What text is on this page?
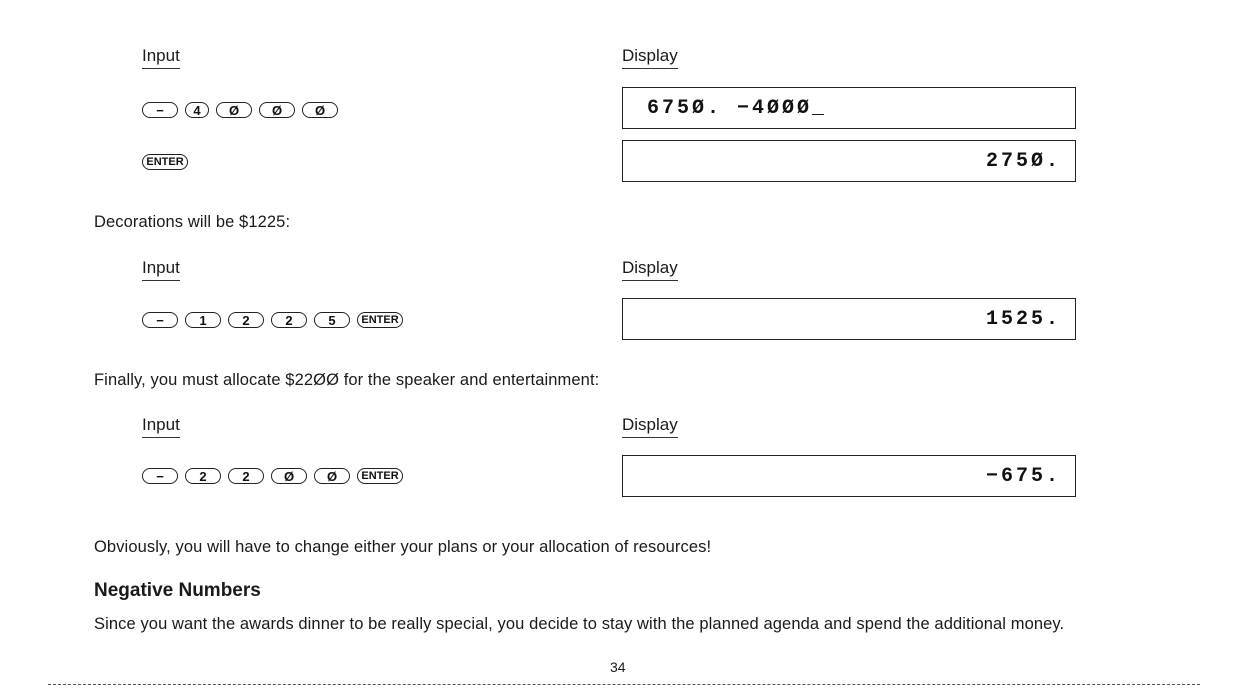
Input	Display
−	4	Ø	Ø	Ø	675Ø. −4ØØØ_
ENTER	275Ø.
Decorations will be $1225:
Input	Display
−	1	2	2	5	ENTER	1525.
Finally, you must allocate $22ØØ for the speaker and entertainment:
Input	Display
−	2	2	Ø	Ø	ENTER	−675.
Obviously, you will have to change either your plans or your allocation of resources!
Negative Numbers
Since you want the awards dinner to be really special, you decide to stay with the planned agenda and spend the additional money.
34
